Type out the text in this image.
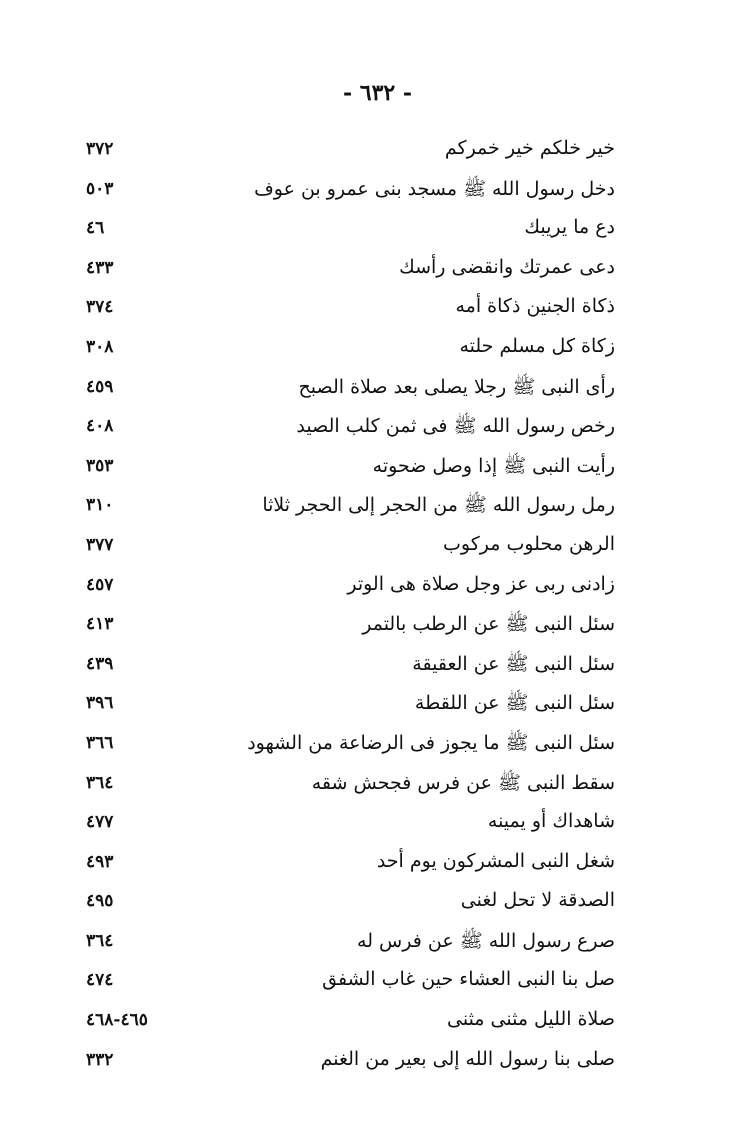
- ٦٣٢ -
خير خلكم خير خمركم
٣٧٢
دخل رسول الله ﷺ مسجد بنى عمرو بن عوف
٥٠٣
دع ما يريبك
٤٦
دعى عمرتك وانقضى رأسك
٤٣٣
ذكاة الجنين ذكاة أمه
٣٧٤
زكاة كل مسلم حلته
٣٠٨
رأى النبى ﷺ رجلا يصلى بعد صلاة الصبح
٤٥٩
رخص رسول الله ﷺ فى ثمن كلب الصيد
٤٠٨
رأيت النبى ﷺ إذا وصل ضحوته
٣٥٣
رمل رسول الله ﷺ من الحجر إلى الحجر ثلاثا
٣١٠
الرهن محلوب مركوب
٣٧٧
زادنى ربى عز وجل صلاة هى الوتر
٤٥٧
سئل النبى ﷺ عن الرطب بالتمر
٤١٣
سئل النبى ﷺ عن العقيقة
٤٣٩
سئل النبى ﷺ عن اللقطة
٣٩٦
سئل النبى ﷺ ما يجوز فى الرضاعة من الشهود
٣٦٦
سقط النبى ﷺ عن فرس فجحش شقه
٣٦٤
شاهداك أو يمينه
٤٧٧
شغل النبى المشركون يوم أحد
٤٩٣
الصدقة لا تحل لغنى
٤٩٥
صرع رسول الله ﷺ عن فرس له
٣٦٤
صل بنا النبى العشاء حين غاب الشفق
٤٧٤
صلاة الليل مثنى مثنى
٤٦٥-٤٦٨
صلى بنا رسول الله إلى بعير من الغنم
٣٣٢
